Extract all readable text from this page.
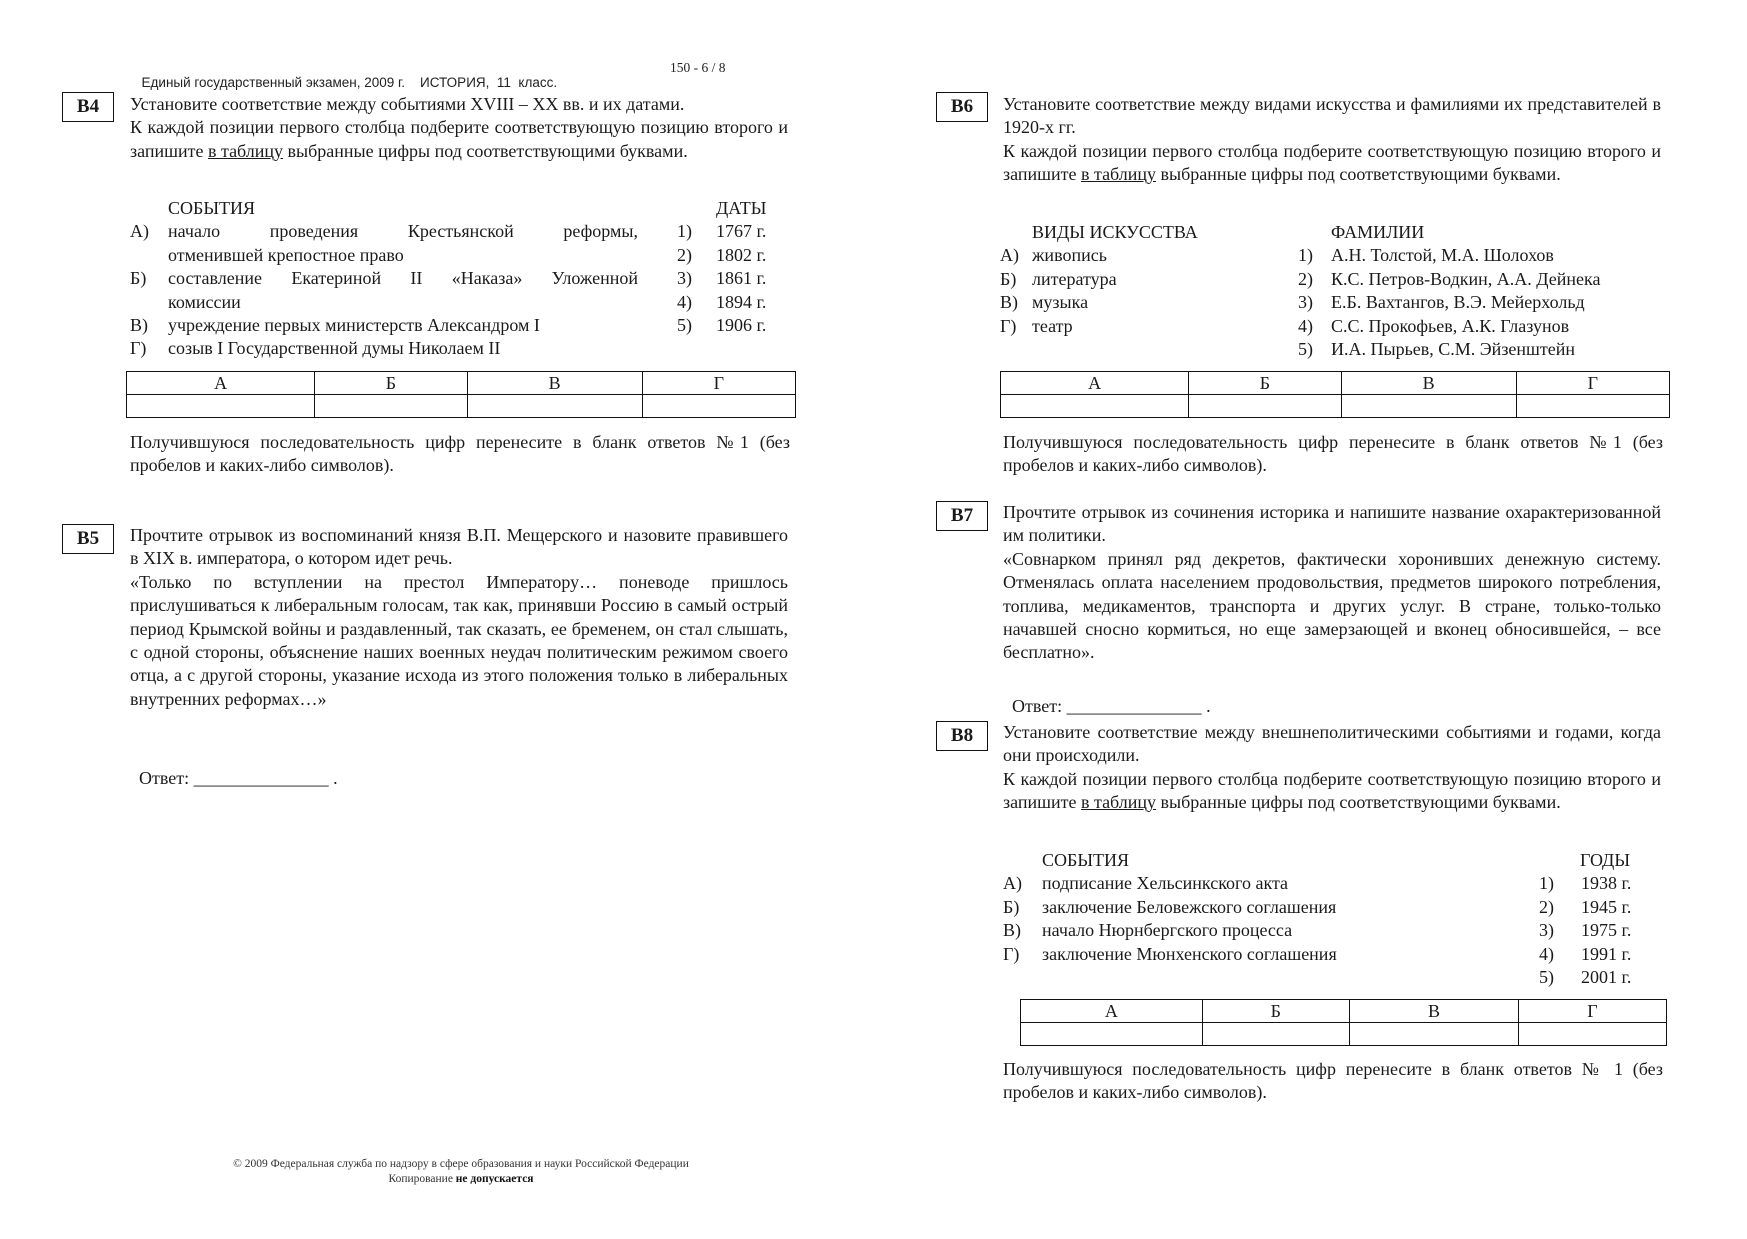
Единый государственный экзамен, 2009 г.    ИСТОРИЯ,  11  класс.

150 - 6 / 8

B4	Установите соответствие между событиями XVIII – XX вв. и их датами.

К каждой позиции первого столбца подберите соответствующую позицию второго и запишите в таблицу выбранные цифры под соответствующими буквами.

СОБЫТИЯ	ДАТЫ
А) начало проведения Крестьянской реформы, 1) 1767 г.
отменившей крепостное право	2) 1802 г.
Б) составление Екатериной II «Наказа» Уложенной 3) 1861 г.
комиссии	4) 1894 г.
В) учреждение первых министерств Александром I	5) 1906 г.
Г) созыв I Государственной думы Николаем II
А	Б	В	Г

Получившуюся последовательность цифр перенесите в бланк ответов №1 (без пробелов и каких-либо символов).

B5	Прочтите отрывок из воспоминаний князя В.П. Мещерского и назовите правившего в XIX в. императора, о котором идет речь.

«Только по вступлении на престол Императору… поневоде пришлось прислушиваться к либеральным голосам, так как, принявши Россию в самый острый период Крымской войны и раздавленный, так сказать, ее бременем, он стал слышать, с одной стороны, объяснение наших военных неудач политическим режимом своего отца, а с другой стороны, указание исхода из этого положения только в либеральных внутренних реформах…»

Ответ: _______________ .

B6	Установите соответствие между видами искусства и фамилиями их представителей в 1920-х гг.

К каждой позиции первого столбца подберите соответствующую позицию второго и запишите в таблицу выбранные цифры под соответствующими буквами.

ВИДЫ ИСКУССТВА	ФАМИЛИИ
А) живопись	1) А.Н. Толстой, М.А. Шолохов
Б) литература	2) К.С. Петров-Водкин, А.А. Дейнека
В) музыка	3) Е.Б. Вахтангов, В.Э. Мейерхольд
Г) театр	4) С.С. Прокофьев, А.К. Глазунов
5) И.А. Пырьев, С.М. Эйзенштейн
А	Б	В	Г

Получившуюся последовательность цифр перенесите в бланк ответов №1 (без пробелов и каких-либо символов).

B7	Прочтите отрывок из сочинения историка и напишите название охарактеризованной им политики.

«Совнарком принял ряд декретов, фактически хоронивших денежную систему. Отменялась оплата населением продовольствия, предметов широкого потребления, топлива, медикаментов, транспорта и других услуг. В стране, только-только начавшей сносно кормиться, но еще замерзающей и вконец обносившейся, – все бесплатно».

Ответ: _______________ .

B8	Установите соответствие между внешнеполитическими событиями и годами, когда они происходили.

К каждой позиции первого столбца подберите соответствующую позицию второго и запишите в таблицу выбранные цифры под соответствующими буквами.

СОБЫТИЯ	ГОДЫ
А) подписание Хельсинкского акта	1) 1938 г.
Б) заключение Беловежского соглашения	2) 1945 г.
В) начало Нюрнбергского процесса	3) 1975 г.
Г) заключение Мюнхенского соглашения	4) 1991 г.
5) 2001 г.
А	Б	В	Г

Получившуюся последовательность цифр перенесите в бланк ответов № 1 (без пробелов и каких-либо символов).

© 2009 Федеральная служба по надзору в сфере образования и науки Российской Федерации
Копирование не допускается
